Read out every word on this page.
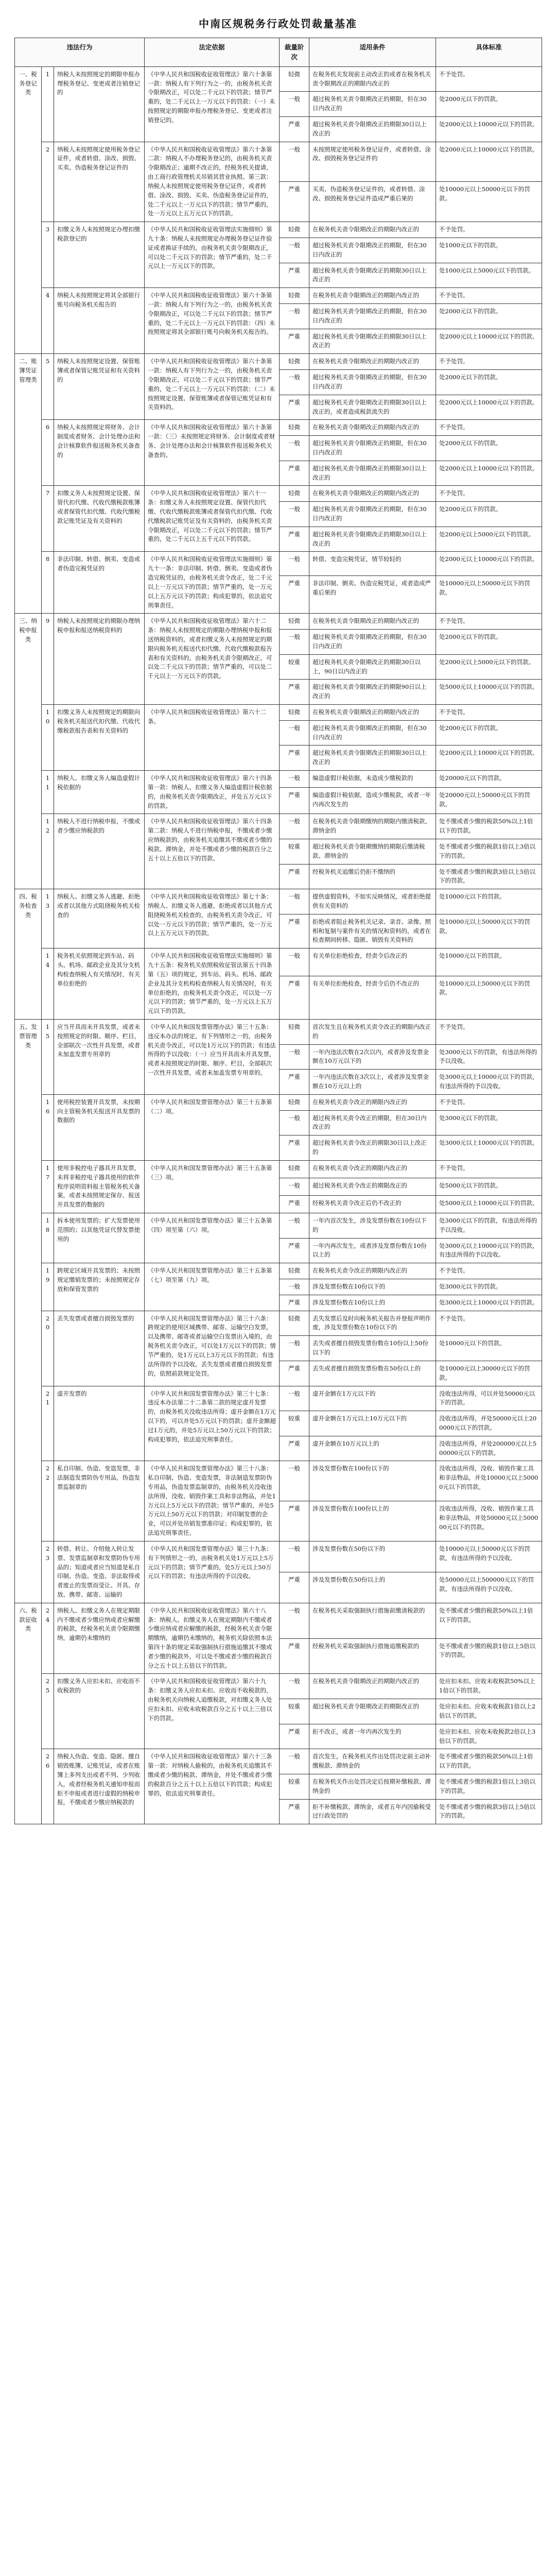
中南区规税务行政处罚裁量基准
违法行为			法定依据	裁量阶次	适用条件	具体标准
一、税务登记类	1	纳税人未按照规定的期限申报办理税务登记、变更或者注销登记的	《中华人民共和国税收征收管理法》第六十条第一款：纳税人有下列行为之一的，由税务机关责令限期改正，可以处二千元以下的罚款；情节严重的，处二千元以上一万元以下的罚款：（一）未按照规定的期限申报办理税务登记、变更或者注销登记的。	轻微	在税务机关发现前主动改正的或者在税务机关责令限期改正的期限内改正的	不予处罚。
				一般	超过税务机关责令限期改正的期限，但在30日内改正的	处2000元以下的罚款。
				严重	超过税务机关责令限期改正的期限30日以上改正的	处2000元以上10000元以下的罚款。
	2	纳税人未按照规定使用税务登记证件，或者转借、涂改、损毁、买卖、伪造税务登记证件的	《中华人民共和国税收征收管理法》第六十条第二款：纳税人不办理税务登记的，由税务机关责令限期改正；逾期不改正的，经税务机关提请，由工商行政管理机关吊销其营业执照。第三款：纳税人未按照规定使用税务登记证件，或者转借、涂改、损毁、买卖、伪造税务登记证件的，处二千元以上一万元以下的罚款；情节严重的，处一万元以上五万元以下的罚款。	一般	未按照规定使用税务登记证件，或者转借、涂改、损毁税务登记证件的	处2000元以上10000元以下的罚款。
				严重	买卖、伪造税务登记证件的，或者转借、涂改、损毁税务登记证件造成严重后果的	处10000元以上50000元以下的罚款。
	3	扣缴义务人未按照规定办理扣缴税款登记的	《中华人民共和国税收征收管理法实施细则》第九十条：纳税人未按照规定办理税务登记证件验证或者换证手续的，由税务机关责令限期改正，可以处二千元以下的罚款；情节严重的，处二千元以上一万元以下的罚款。	轻微	在税务机关责令限期改正的期限内改正的	不予处罚。
				一般	超过税务机关责令限期改正的期限，但在30日内改正的	处1000元以下的罚款。
				严重	超过税务机关责令限期改正的期限30日以上改正的	处1000元以上5000元以下的罚款。
	4	纳税人未按照规定将其全部银行账号向税务机关报告的	《中华人民共和国税收征收管理法》第六十条第一款：纳税人有下列行为之一的，由税务机关责令限期改正，可以处二千元以下的罚款；情节严重的，处二千元以上一万元以下的罚款：（四）未按照规定将其全部银行账号向税务机关报告的。	轻微	在税务机关责令限期改正的期限内改正的	不予处罚。
				一般	超过税务机关责令限期改正的期限，但在30日内改正的	处2000元以下的罚款。
				严重	超过税务机关责令限期改正的期限30日以上改正的	处2000元以上10000元以下的罚款。
二、账簿凭证管理类	5	纳税人未按照规定设置、保管账簿或者保管记账凭证和有关资料的	《中华人民共和国税收征收管理法》第六十条第一款：纳税人有下列行为之一的，由税务机关责令限期改正，可以处二千元以下的罚款；情节严重的，处二千元以上一万元以下的罚款：（二）未按照规定设置、保管账簿或者保管记账凭证和有关资料的。	轻微	在税务机关责令限期改正的期限内改正的	不予处罚。
				一般	超过税务机关责令限期改正的期限，但在30日内改正的	处2000元以下的罚款。
				严重	超过税务机关责令限期改正的期限30日以上改正的，或者造成税款流失的	处2000元以上10000元以下的罚款。
	6	纳税人未按照规定将财务、会计制度或者财务、会计处理办法和会计核算软件报送税务机关备查的	《中华人民共和国税收征收管理法》第六十条第一款：（三）未按照规定将财务、会计制度或者财务、会计处理办法和会计核算软件报送税务机关备查的。	轻微	在税务机关责令限期改正的期限内改正的	不予处罚。
				一般	超过税务机关责令限期改正的期限，但在30日内改正的	处2000元以下的罚款。
				严重	超过税务机关责令限期改正的期限30日以上改正的	处2000元以上10000元以下的罚款。
	7	扣缴义务人未按照规定设置、保管代扣代缴、代收代缴税款账簿或者保管代扣代缴、代收代缴税款记账凭证及有关资料的	《中华人民共和国税收征收管理法》第六十一条：扣缴义务人未按照规定设置、保管代扣代缴、代收代缴税款账簿或者保管代扣代缴、代收代缴税款记账凭证及有关资料的，由税务机关责令限期改正，可以处二千元以下的罚款；情节严重的，处二千元以上五千元以下的罚款。	轻微	在税务机关责令限期改正的期限内改正的	不予处罚。
				一般	超过税务机关责令限期改正的期限，但在30日内改正的	处2000元以下的罚款。
				严重	超过税务机关责令限期改正的期限30日以上改正的	处2000元以上5000元以下的罚款。
	8	非法印制、转借、倒卖、变造或者伪造完税凭证的	《中华人民共和国税收征收管理法实施细则》第九十一条：非法印制、转借、倒卖、变造或者伪造完税凭证的，由税务机关责令改正，处二千元以上一万元以下的罚款；情节严重的，处一万元以上五万元以下的罚款；构成犯罪的，依法追究刑事责任。	一般	转借、变造完税凭证，情节较轻的	处2000元以上10000元以下的罚款。
				严重	非法印制、倒卖、伪造完税凭证，或者造成严重后果的	处10000元以上50000元以下的罚款。
三、纳税申报类	9	纳税人未按照规定的期限办理纳税申报和报送纳税资料的	《中华人民共和国税收征收管理法》第六十二条：纳税人未按照规定的期限办理纳税申报和报送纳税资料的，或者扣缴义务人未按照规定的期限向税务机关报送代扣代缴、代收代缴税款报告表和有关资料的，由税务机关责令限期改正，可以处二千元以下的罚款；情节严重的，可以处二千元以上一万元以下的罚款。	轻微	在税务机关责令限期改正的期限内改正的	不予处罚。
				一般	超过税务机关责令限期改正的期限，但在30日内改正的	处2000元以下的罚款。
				较重	超过税务机关责令限期改正的期限30日以上，90日以内改正的	处2000元以上5000元以下的罚款。
				严重	超过税务机关责令限期改正的期限90日以上改正的	处5000元以上10000元以下的罚款。
	10	扣缴义务人未按照规定的期限向税务机关报送代扣代缴、代收代缴税款报告表和有关资料的	《中华人民共和国税收征收管理法》第六十二条。	轻微	在税务机关责令限期改正的期限内改正的	不予处罚。
				一般	超过税务机关责令限期改正的期限，但在30日内改正的	处2000元以下的罚款。
				严重	超过税务机关责令限期改正的期限30日以上改正的	处2000元以上10000元以下的罚款。
	11	纳税人、扣缴义务人编造虚假计税依据的	《中华人民共和国税收征收管理法》第六十四条第一款：纳税人、扣缴义务人编造虚假计税依据的，由税务机关责令限期改正，并处五万元以下的罚款。	一般	编造虚假计税依据，未造成少缴税款的	处20000元以下的罚款。
				严重	编造虚假计税依据，造成少缴税款，或者一年内再次发生的	处20000元以上50000元以下的罚款。
	12	纳税人不进行纳税申报，不缴或者少缴应纳税款的	《中华人民共和国税收征收管理法》第六十四条第二款：纳税人不进行纳税申报，不缴或者少缴应纳税款的，由税务机关追缴其不缴或者少缴的税款、滞纳金，并处不缴或者少缴的税款百分之五十以上五倍以下的罚款。	一般	在税务机关责令限期缴纳的期限内缴清税款、滞纳金的	处不缴或者少缴的税款50%以上1倍以下的罚款。
				较重	超过税务机关责令限期缴纳的期限后缴清税款、滞纳金的	处不缴或者少缴的税款1倍以上3倍以下的罚款。
				严重	经税务机关追缴后仍拒不缴纳的	处不缴或者少缴的税款3倍以上5倍以下的罚款。
四、税务检查类	13	纳税人、扣缴义务人逃避、拒绝或者以其他方式阻挠税务机关检查的	《中华人民共和国税收征收管理法》第七十条：纳税人、扣缴义务人逃避、拒绝或者以其他方式阻挠税务机关检查的，由税务机关责令改正，可以处一万元以下的罚款；情节严重的，处一万元以上五万元以下的罚款。	一般	提供虚假资料，不如实反映情况，或者拒绝提供有关资料的	处10000元以下的罚款。
				严重	拒绝或者阻止税务机关记录、录音、录像、照相和复制与案件有关的情况和资料的，或者在检查期间转移、隐匿、销毁有关资料的	处10000元以上50000元以下的罚款。
	14	税务机关依照规定到车站、码头、机场、邮政企业及其分支机构检查纳税人有关情况时，有关单位拒绝的	《中华人民共和国税收征收管理法实施细则》第九十五条：税务机关依照税收征管法第五十四条第（五）项的规定，到车站、码头、机场、邮政企业及其分支机构检查纳税人有关情况时，有关单位拒绝的，由税务机关责令改正，可以处一万元以下的罚款；情节严重的，处一万元以上五万元以下的罚款。	一般	有关单位拒绝检查，经责令后改正的	处10000元以下的罚款。
				严重	有关单位拒绝检查，经责令后仍不改正的	处10000元以上50000元以下的罚款。
五、发票管理类	15	应当开具而未开具发票，或者未按照规定的时限、顺序、栏目，全部联次一次性开具发票，或者未加盖发票专用章的	《中华人民共和国发票管理办法》第三十五条：违反本办法的规定，有下列情形之一的，由税务机关责令改正，可以处1万元以下的罚款；有违法所得的予以没收：（一）应当开具而未开具发票，或者未按照规定的时限、顺序、栏目，全部联次一次性开具发票，或者未加盖发票专用章的。	轻微	首次发生且在税务机关责令改正的期限内改正的	不予处罚。
				一般	一年内违法次数在2次以内，或者涉及发票金额在10万元以下的	处3000元以下的罚款，有违法所得的予以没收。
				严重	一年内违法次数在3次以上，或者涉及发票金额在10万元以上的	处3000元以上10000元以下的罚款，有违法所得的予以没收。
	16	使用税控装置开具发票，未按期向主管税务机关报送开具发票的数据的	《中华人民共和国发票管理办法》第三十五条第（二）项。	轻微	在税务机关责令改正的期限内改正的	不予处罚。
				一般	超过税务机关责令改正的期限，但在30日内改正的	处3000元以下的罚款。
				严重	超过税务机关责令改正的期限30日以上改正的	处3000元以上10000元以下的罚款。
	17	使用非税控电子器具开具发票，未将非税控电子器具使用的软件程序说明资料报主管税务机关备案，或者未按照规定保存、报送开具发票的数据的	《中华人民共和国发票管理办法》第三十五条第（三）项。	轻微	在税务机关责令改正的期限内改正的	不予处罚。
				一般	超过税务机关责令改正的期限改正的	处5000元以下的罚款。
				严重	经税务机关责令改正后仍不改正的	处5000元以上10000元以下的罚款。
	18	拆本使用发票的；扩大发票使用范围的；以其他凭证代替发票使用的	《中华人民共和国发票管理办法》第三十五条第（四）项至第（六）项。	一般	一年内首次发生，涉及发票份数在10份以下的	处3000元以下的罚款，有违法所得的予以没收。
				严重	一年内再次发生，或者涉及发票份数在10份以上的	处3000元以上10000元以下的罚款，有违法所得的予以没收。
	19	跨规定区域开具发票的；未按照规定缴销发票的；未按照规定存放和保管发票的	《中华人民共和国发票管理办法》第三十五条第（七）项至第（九）项。	轻微	在税务机关责令改正的期限内改正的	不予处罚。
				一般	涉及发票份数在10份以下的	处3000元以下的罚款。
				严重	涉及发票份数在10份以上的	处3000元以上10000元以下的罚款。
	20	丢失发票或者擅自损毁发票的	《中华人民共和国发票管理办法》第三十六条：跨规定的使用区域携带、邮寄、运输空白发票，以及携带、邮寄或者运输空白发票出入境的，由税务机关责令改正，可以处1万元以下的罚款；情节严重的，处1万元以上3万元以下的罚款；有违法所得的予以没收。丢失发票或者擅自损毁发票的，依照前款规定处罚。	轻微	丢失发票后及时向税务机关报告并登报声明作废，涉及发票份数在10份以下的	不予处罚。
				一般	丢失或者擅自损毁发票份数在10份以上50份以下的	处10000元以下的罚款。
				严重	丢失或者擅自损毁发票份数在50份以上的	处10000元以上30000元以下的罚款。
	21	虚开发票的	《中华人民共和国发票管理办法》第三十七条：违反本办法第二十二条第二款的规定虚开发票的，由税务机关没收违法所得；虚开金额在1万元以下的，可以并处5万元以下的罚款；虚开金额超过1万元的，并处5万元以上50万元以下的罚款；构成犯罪的，依法追究刑事责任。	一般	虚开金额在1万元以下的	没收违法所得，可以并处50000元以下的罚款。
				较重	虚开金额在1万元以上10万元以下的	没收违法所得，并处50000元以上200000元以下的罚款。
				严重	虚开金额在10万元以上的	没收违法所得，并处200000元以上500000元以下的罚款。
	22	私自印制、伪造、变造发票，非法制造发票防伪专用品，伪造发票监制章的	《中华人民共和国发票管理办法》第三十八条：私自印制、伪造、变造发票，非法制造发票防伪专用品，伪造发票监制章的，由税务机关没收违法所得，没收、销毁作案工具和非法物品，并处1万元以上5万元以下的罚款；情节严重的，并处5万元以上50万元以下的罚款；对印制发票的企业，可以并处吊销发票准印证；构成犯罪的，依法追究刑事责任。	一般	涉及发票份数在100份以下的	没收违法所得，没收、销毁作案工具和非法物品，并处10000元以上50000元以下的罚款。
				严重	涉及发票份数在100份以上的	没收违法所得，没收、销毁作案工具和非法物品，并处50000元以上500000元以下的罚款。
	23	转借、转让、介绍他人转让发票、发票监制章和发票防伪专用品的；知道或者应当知道是私自印制、伪造、变造、非法取得或者废止的发票而受让、开具、存放、携带、邮寄、运输的	《中华人民共和国发票管理办法》第三十九条：有下列情形之一的，由税务机关处1万元以上5万元以下的罚款；情节严重的，处5万元以上50万元以下的罚款；有违法所得的予以没收。	一般	涉及发票份数在50份以下的	处10000元以上50000元以下的罚款，有违法所得的予以没收。
				严重	涉及发票份数在50份以上的	处50000元以上500000元以下的罚款，有违法所得的予以没收。
六、税款征收类	24	纳税人、扣缴义务人在规定期限内不缴或者少缴应纳或者应解缴的税款，经税务机关责令限期缴纳，逾期仍未缴纳的	《中华人民共和国税收征收管理法》第六十八条：纳税人、扣缴义务人在规定期限内不缴或者少缴应纳或者应解缴的税款，经税务机关责令限期缴纳，逾期仍未缴纳的，税务机关除依照本法第四十条的规定采取强制执行措施追缴其不缴或者少缴的税款外，可以处不缴或者少缴的税款百分之五十以上五倍以下的罚款。	一般	在税务机关采取强制执行措施前缴清税款的	处不缴或者少缴的税款50%以上1倍以下的罚款。
				严重	经税务机关采取强制执行措施追缴税款的	处不缴或者少缴的税款1倍以上5倍以下的罚款。
	25	扣缴义务人应扣未扣、应收而不收税款的	《中华人民共和国税收征收管理法》第六十九条：扣缴义务人应扣未扣、应收而不收税款的，由税务机关向纳税人追缴税款，对扣缴义务人处应扣未扣、应收未收税款百分之五十以上三倍以下的罚款。	一般	在税务机关责令限期改正的期限内改正的	处应扣未扣、应收未收税款50%以上1倍以下的罚款。
				较重	超过税务机关责令限期改正的期限改正的	处应扣未扣、应收未收税款1倍以上2倍以下的罚款。
				严重	拒不改正，或者一年内再次发生的	处应扣未扣、应收未收税款2倍以上3倍以下的罚款。
	26	纳税人伪造、变造、隐匿、擅自销毁账簿、记账凭证，或者在账簿上多列支出或者不列、少列收入，或者经税务机关通知申报而拒不申报或者进行虚假的纳税申报，不缴或者少缴应纳税款的	《中华人民共和国税收征收管理法》第六十三条第一款：对纳税人偷税的，由税务机关追缴其不缴或者少缴的税款、滞纳金，并处不缴或者少缴的税款百分之五十以上五倍以下的罚款；构成犯罪的，依法追究刑事责任。	一般	首次发生，在税务机关作出处罚决定前主动补缴税款、滞纳金的	处不缴或者少缴的税款50%以上1倍以下的罚款。
				较重	在税务机关作出处罚决定后按期补缴税款、滞纳金的	处不缴或者少缴的税款1倍以上3倍以下的罚款。
				严重	拒不补缴税款、滞纳金，或者五年内因偷税受过行政处罚的	处不缴或者少缴的税款3倍以上5倍以下的罚款。
